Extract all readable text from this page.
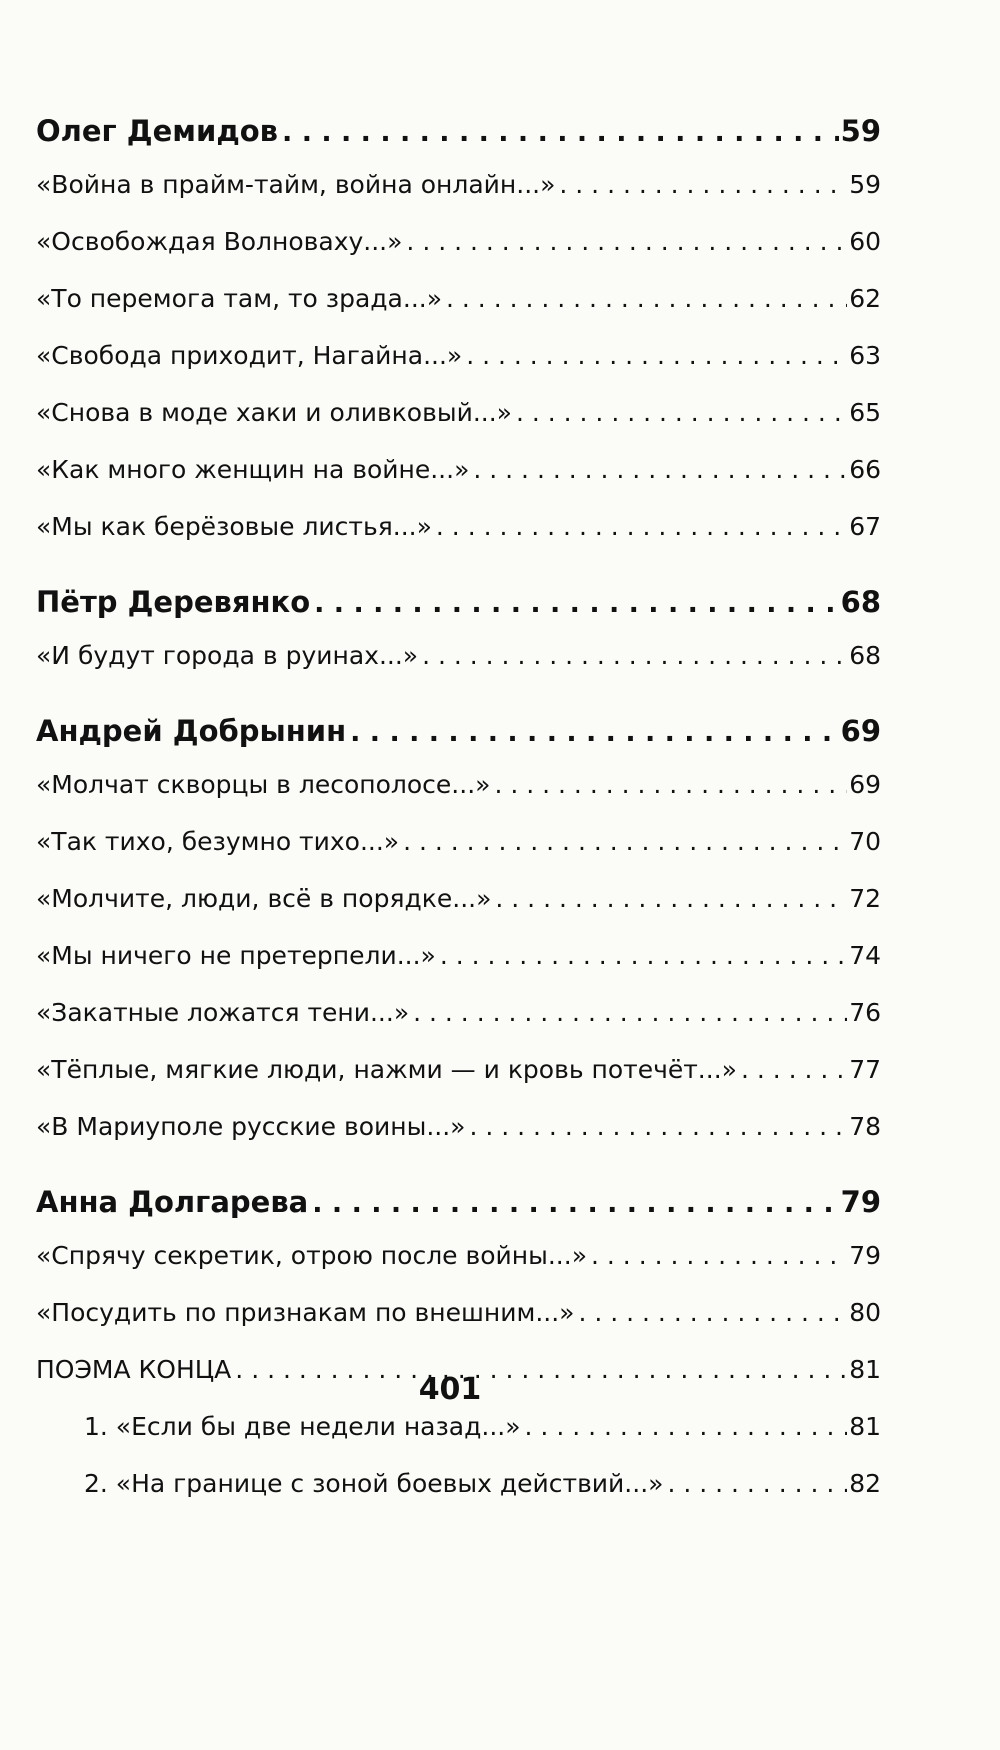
Олег Демидов . . .	59
«Война в прайм-тайм, война онлайн...» . . .	59
«Освобождая Волноваху...» . . .	60
«То перемога там, то зрада...» . . .	62
«Свобода приходит, Нагайна...» . . .	63
«Снова в моде хаки и оливковый...» . . .	65
«Как много женщин на войне...» . . .	66
«Мы как берёзовые листья...» . . .	67
Пётр Деревянко . . .	68
«И будут города в руинах...» . . .	68
Андрей Добрынин . . .	69
«Молчат скворцы в лесополосе...» . . .	69
«Так тихо, безумно тихо...» . . .	70
«Молчите, люди, всё в порядке...» . . .	72
«Мы ничего не претерпели...» . . .	74
«Закатные ложатся тени...» . . .	76
«Тёплые, мягкие люди, нажми — и кровь потечёт...» . . .	77
«В Мариуполе русские воины...» . . .	78
Анна Долгарева . . .	79
«Спрячу секретик, отрою после войны...» . . .	79
«Посудить по признакам по внешним...» . . .	80
ПОЭМА КОНЦА . . .	81
1. «Если бы две недели назад...» . . .	81
2. «На границе с зоной боевых действий...» . . .	82
401
